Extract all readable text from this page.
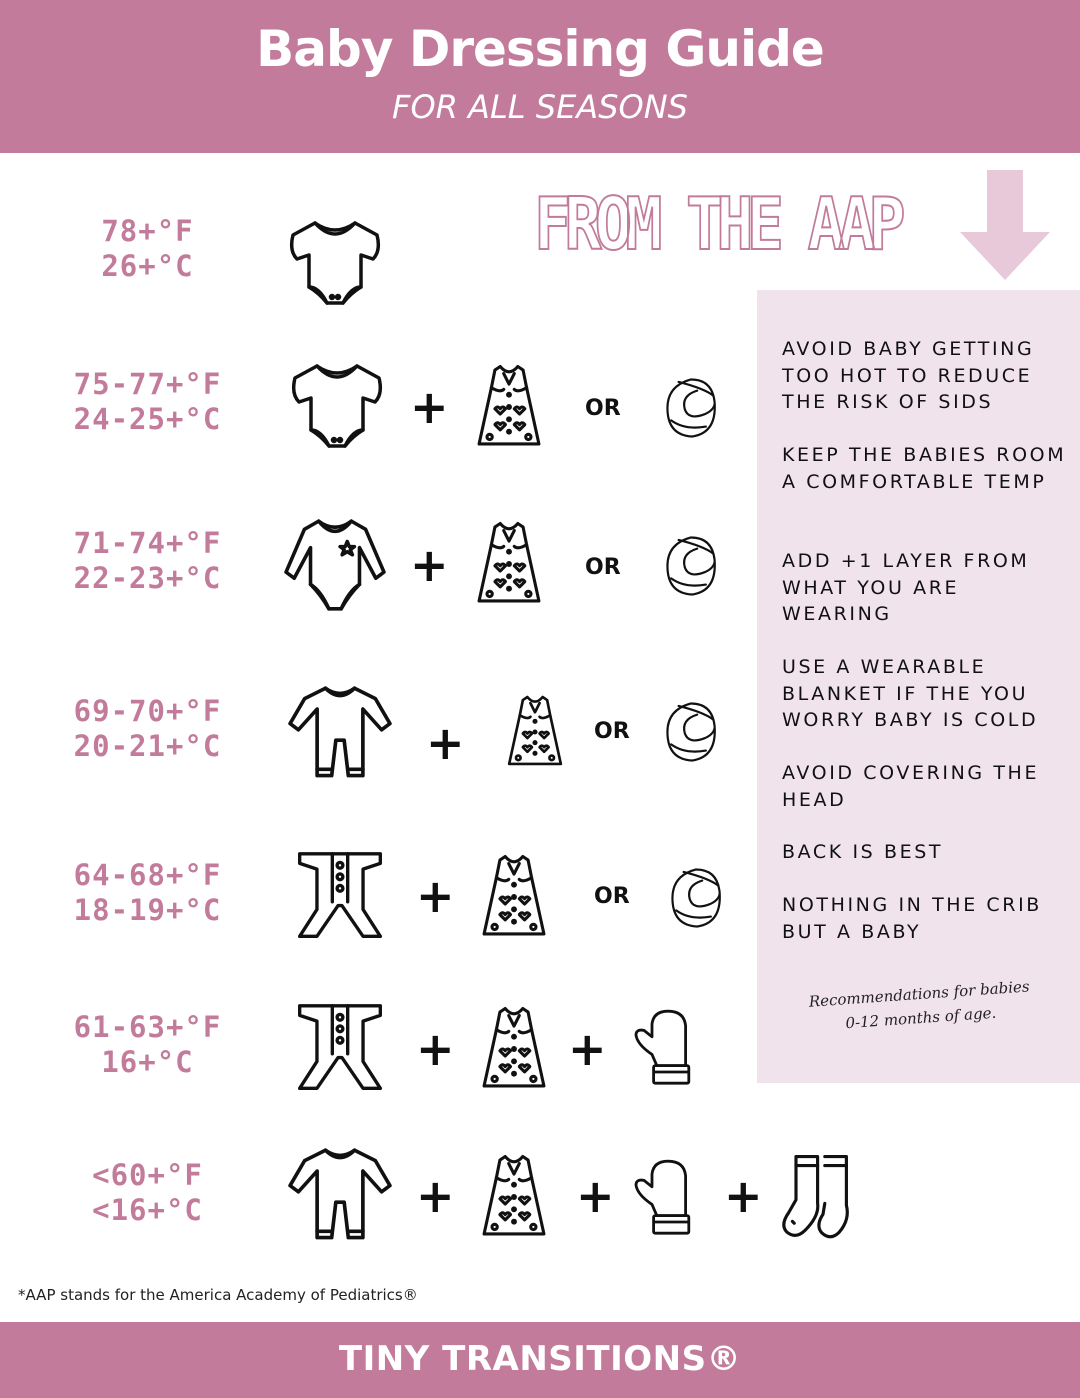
Baby Dressing Guide
FOR ALL SEASONS
FROM THE AAP
AVOID BABY GETTING TOO HOT TO REDUCE THE RISK OF SIDS
KEEP THE BABIES ROOM A COMFORTABLE TEMP
ADD +1 LAYER FROM WHAT YOU ARE WEARING
USE A WEARABLE BLANKET IF THE YOU WORRY BABY IS COLD
AVOID COVERING THE HEAD
BACK IS BEST
NOTHING IN THE CRIB BUT A BABY
Recommendations for babies
0-12 months of age.
78+°F
26+°C
75-77+°F
24-25+°C	+	OR
71-74+°F
22-23+°C	+	OR
69-70+°F
20-21+°C	+	OR
64-68+°F
18-19+°C	+	OR
61-63+°F
16+°C	+ +
<60+°F
<16+°C	+	+ +
*AAP stands for the America Academy of Pediatrics®
TINY TRANSITIONS®
